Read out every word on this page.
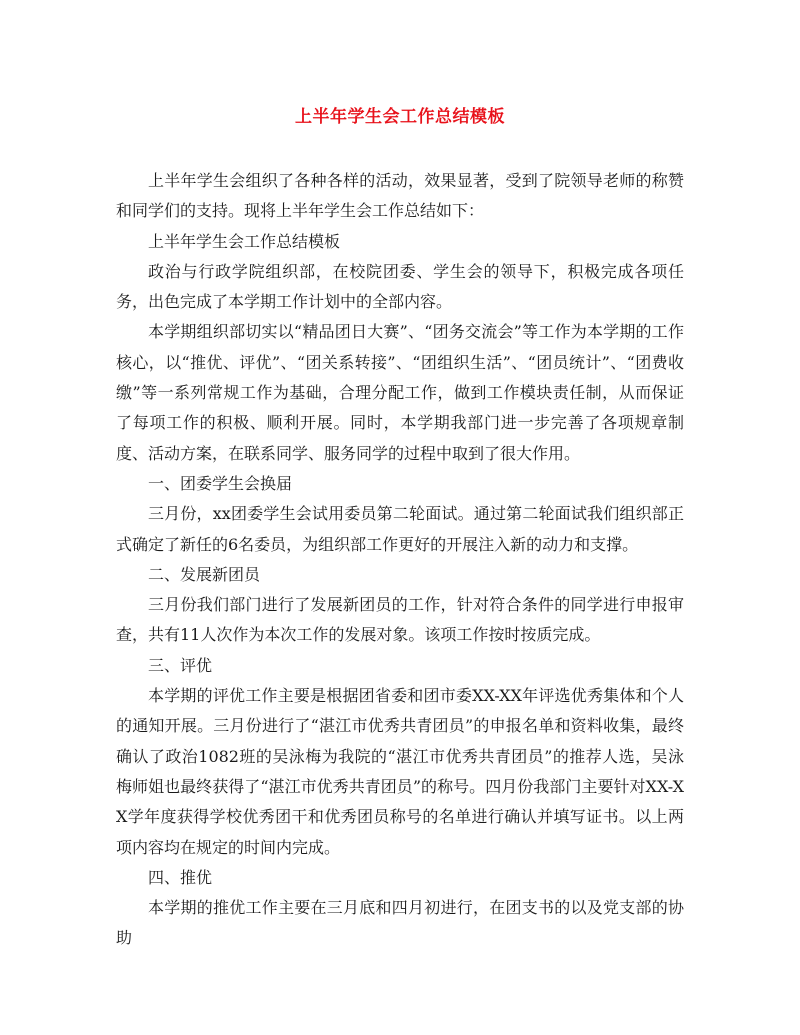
上半年学生会工作总结模板

上半年学生会组织了各种各样的活动，效果显著，受到了院领导老师的称赞和同学们的支持。现将上半年学生会工作总结如下：

上半年学生会工作总结模板

政治与行政学院组织部，在校院团委、学生会的领导下，积极完成各项任务，出色完成了本学期工作计划中的全部内容。

本学期组织部切实以“精品团日大赛”、“团务交流会”等工作为本学期的工作核心，以“推优、评优”、“团关系转接”、“团组织生活”、“团员统计”、“团费收缴”等一系列常规工作为基础，合理分配工作，做到工作模块责任制，从而保证了每项工作的积极、顺利开展。同时，本学期我部门进一步完善了各项规章制度、活动方案，在联系同学、服务同学的过程中取到了很大作用。

一、团委学生会换届

三月份，xx团委学生会试用委员第二轮面试。通过第二轮面试我们组织部正式确定了新任的6名委员，为组织部工作更好的开展注入新的动力和支撑。

二、发展新团员

三月份我们部门进行了发展新团员的工作，针对符合条件的同学进行申报审查，共有11人次作为本次工作的发展对象。该项工作按时按质完成。

三、评优

本学期的评优工作主要是根据团省委和团市委XX-XX年评选优秀集体和个人的通知开展。三月份进行了“湛江市优秀共青团员”的申报名单和资料收集，最终确认了政治1082班的吴泳梅为我院的“湛江市优秀共青团员”的推荐人选，吴泳梅师姐也最终获得了“湛江市优秀共青团员”的称号。四月份我部门主要针对XX-XX学年度获得学校优秀团干和优秀团员称号的名单进行确认并填写证书。以上两项内容均在规定的时间内完成。

四、推优

本学期的推优工作主要在三月底和四月初进行，在团支书的以及党支部的协助
